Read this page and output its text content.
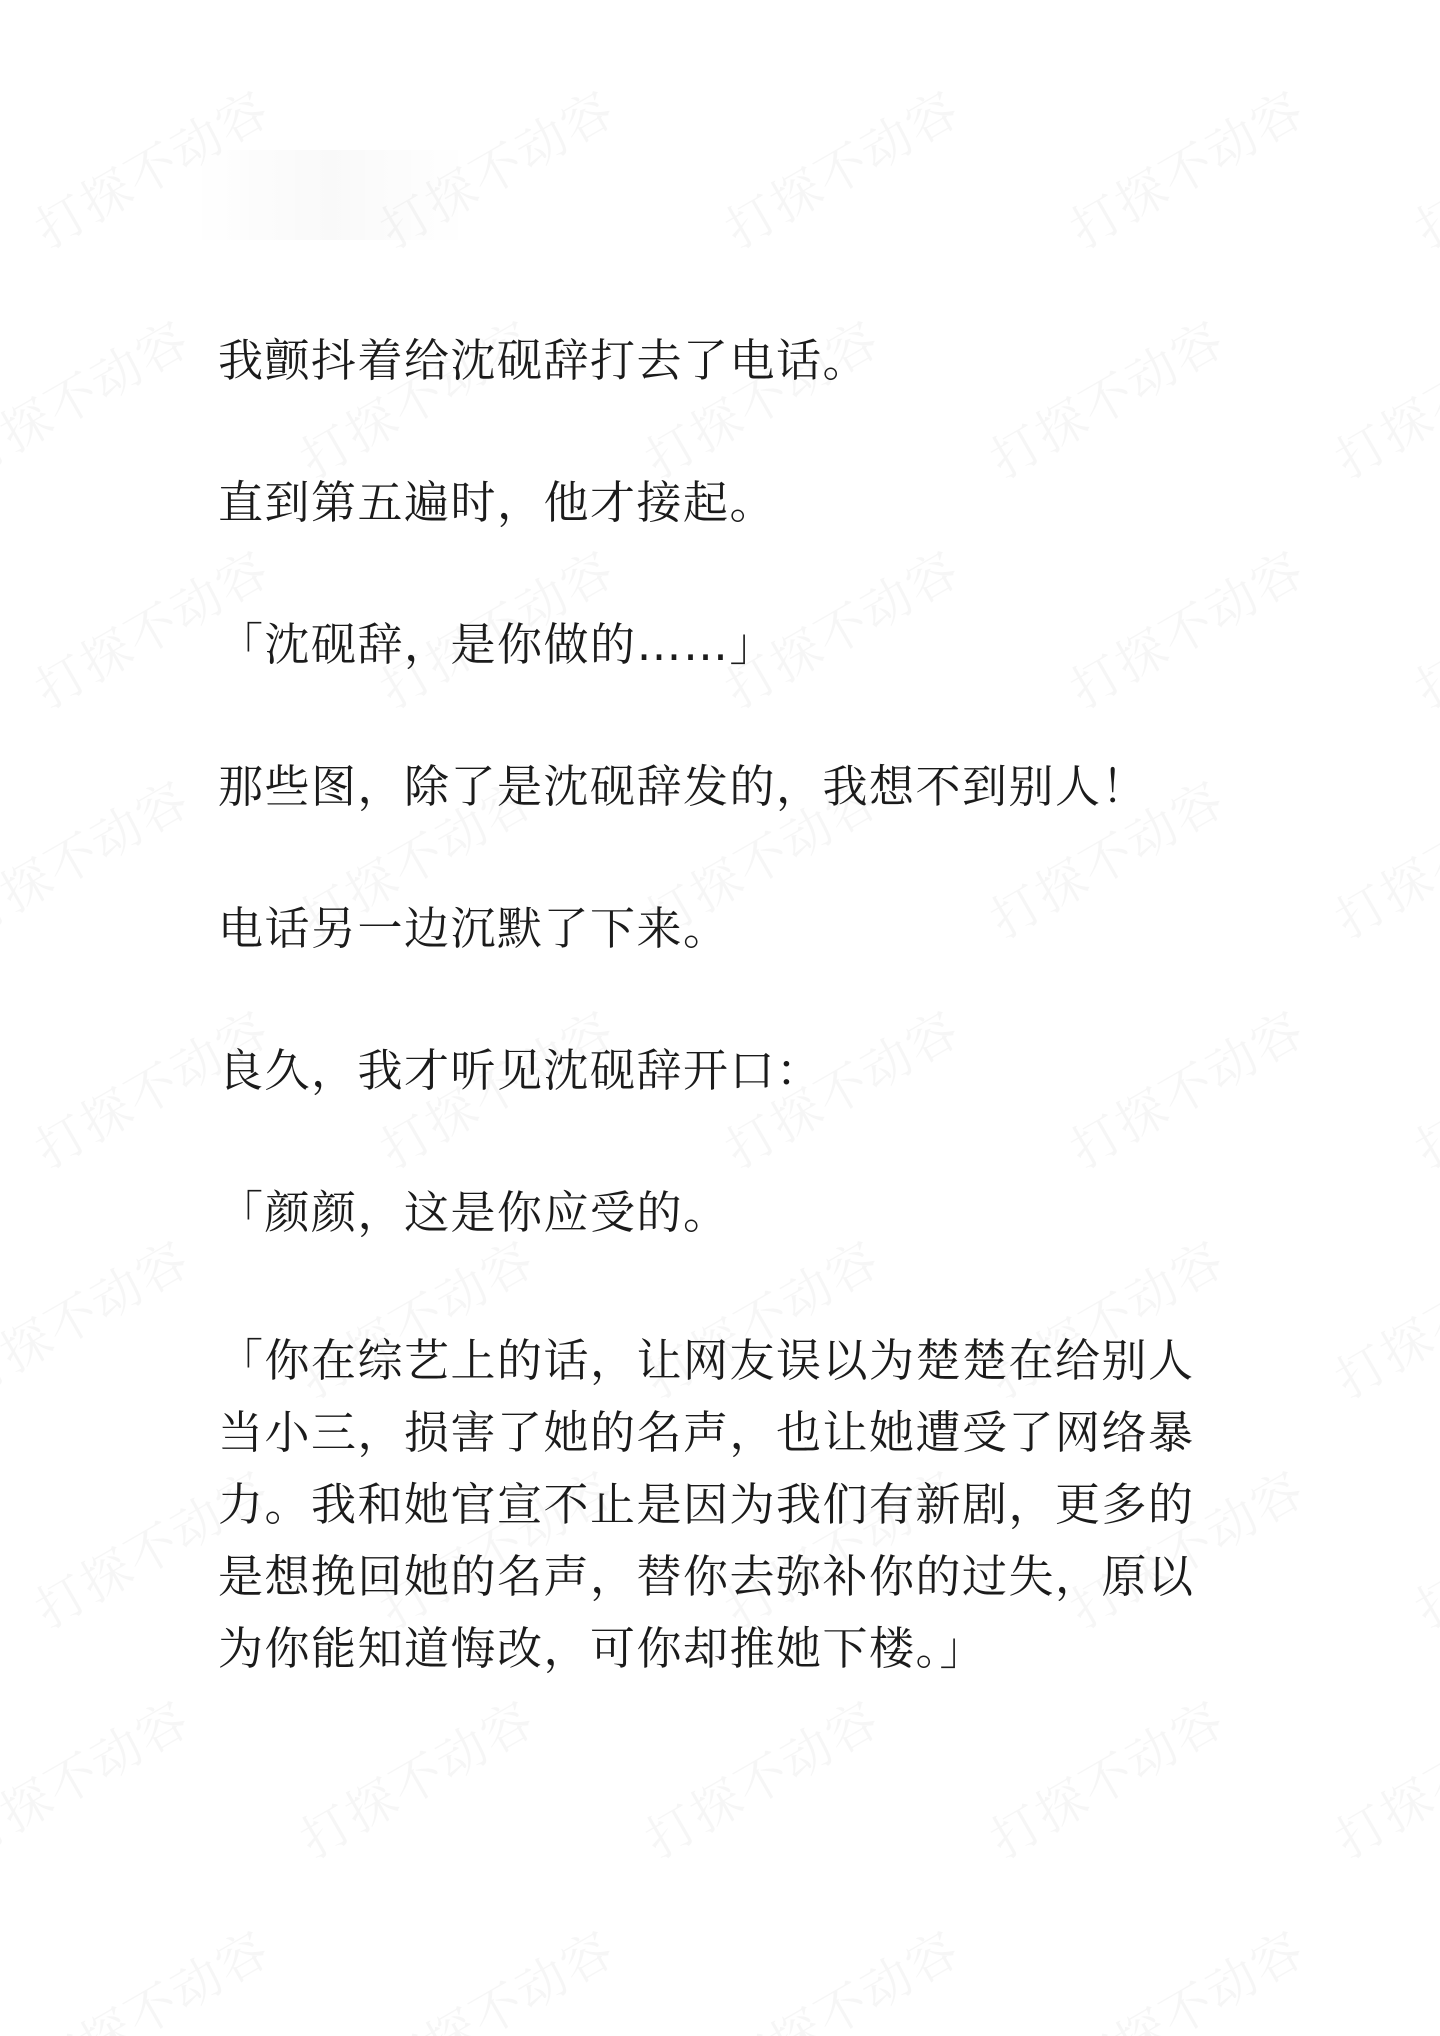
我颤抖着给沈砚辞打去了电话。

直到第五遍时，他才接起。

「沈砚辞，是你做的……」

那些图，除了是沈砚辞发的，我想不到别人！

电话另一边沉默了下来。

良久，我才听见沈砚辞开口：

「颜颜，这是你应受的。

「你在综艺上的话，让网友误以为楚楚在给别人当小三，损害了她的名声，也让她遭受了网络暴力。我和她官宣不止是因为我们有新剧，更多的是想挽回她的名声，替你去弥补你的过失，原以为你能知道悔改，可你却推她下楼。」
